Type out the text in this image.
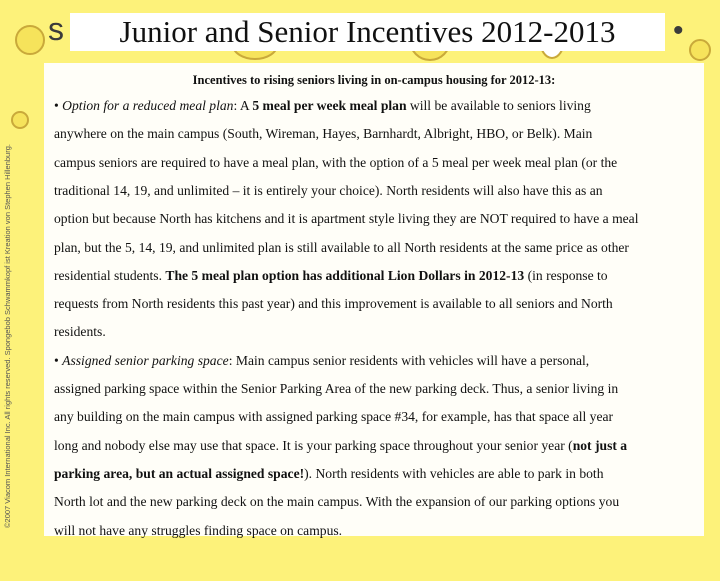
s	•
©2007 Viacom International Inc. All rights reserved. Spongebob Schwammkopf ist Kreation von Stephen Hillenburg.
Junior and Senior Incentives 2012-2013
Incentives to rising seniors living in on-campus housing for 2012-13:
• Option for a reduced meal plan: A 5 meal per week meal plan will be available to seniors living
anywhere on the main campus (South, Wireman, Hayes, Barnhardt, Albright, HBO, or Belk). Main
campus seniors are required to have a meal plan, with the option of a 5 meal per week meal plan (or the
traditional 14, 19, and unlimited – it is entirely your choice). North residents will also have this as an
option but because North has kitchens and it is apartment style living they are NOT required to have a meal
plan, but the 5, 14, 19, and unlimited plan is still available to all North residents at the same price as other
residential students. The 5 meal plan option has additional Lion Dollars in 2012-13 (in response to
requests from North residents this past year) and this improvement is available to all seniors and North
residents.
• Assigned senior parking space: Main campus senior residents with vehicles will have a personal,
assigned parking space within the Senior Parking Area of the new parking deck. Thus, a senior living in
any building on the main campus with assigned parking space #34, for example, has that space all year
long and nobody else may use that space. It is your parking space throughout your senior year (not just a
parking area, but an actual assigned space!). North residents with vehicles are able to park in both
North lot and the new parking deck on the main campus. With the expansion of our parking options you
will not have any struggles finding space on campus.
